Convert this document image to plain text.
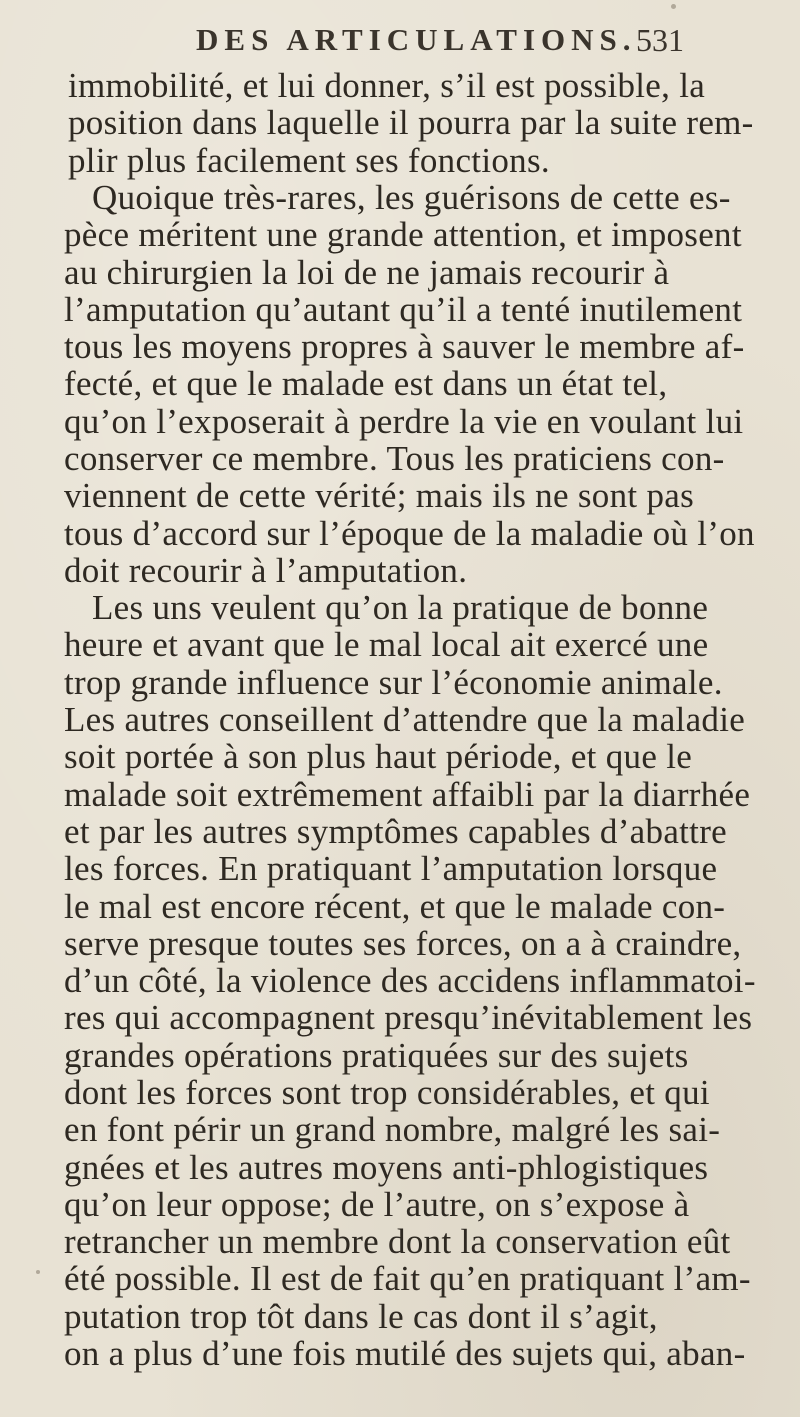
DES ARTICULATIONS. 531
immobilité, et lui donner, s’il est possible, la
position dans laquelle il pourra par la suite rem-
plir plus facilement ses fonctions.
Quoique très-rares, les guérisons de cette es-
pèce méritent une grande attention, et imposent
au chirurgien la loi de ne jamais recourir à
l’amputation qu’autant qu’il a tenté inutilement
tous les moyens propres à sauver le membre af-
fecté, et que le malade est dans un état tel,
qu’on l’exposerait à perdre la vie en voulant lui
conserver ce membre. Tous les praticiens con-
viennent de cette vérité; mais ils ne sont pas
tous d’accord sur l’époque de la maladie où l’on
doit recourir à l’amputation.
Les uns veulent qu’on la pratique de bonne
heure et avant que le mal local ait exercé une
trop grande influence sur l’économie animale.
Les autres conseillent d’attendre que la maladie
soit portée à son plus haut période, et que le
malade soit extrêmement affaibli par la diarrhée
et par les autres symptômes capables d’abattre
les forces. En pratiquant l’amputation lorsque
le mal est encore récent, et que le malade con-
serve presque toutes ses forces, on a à craindre,
d’un côté, la violence des accidens inflammatoi-
res qui accompagnent presqu’inévitablement les
grandes opérations pratiquées sur des sujets
dont les forces sont trop considérables, et qui
en font périr un grand nombre, malgré les sai-
gnées et les autres moyens anti-phlogistiques
qu’on leur oppose; de l’autre, on s’expose à
retrancher un membre dont la conservation eût
été possible. Il est de fait qu’en pratiquant l’am-
putation trop tôt dans le cas dont il s’agit,
on a plus d’une fois mutilé des sujets qui, aban-
